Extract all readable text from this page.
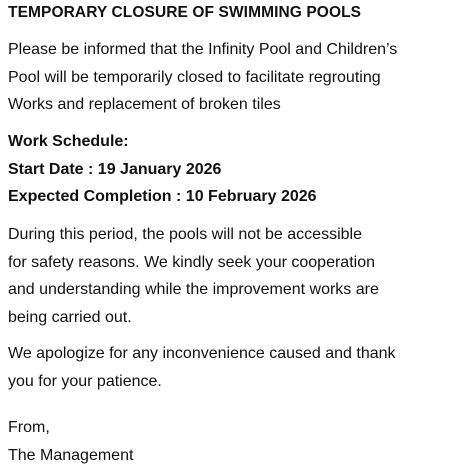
TEMPORARY CLOSURE OF SWIMMING POOLS
Please be informed that the Infinity Pool and Children’s
Pool will be temporarily closed to facilitate regrouting
Works and replacement of broken tiles
Work Schedule:
Start Date : 19 January 2026
Expected Completion : 10 February 2026
During this period, the pools will not be accessible
for safety reasons. We kindly seek your cooperation
and understanding while the improvement works are
being carried out.
We apologize for any inconvenience caused and thank
you for your patience.
From,
The Management
